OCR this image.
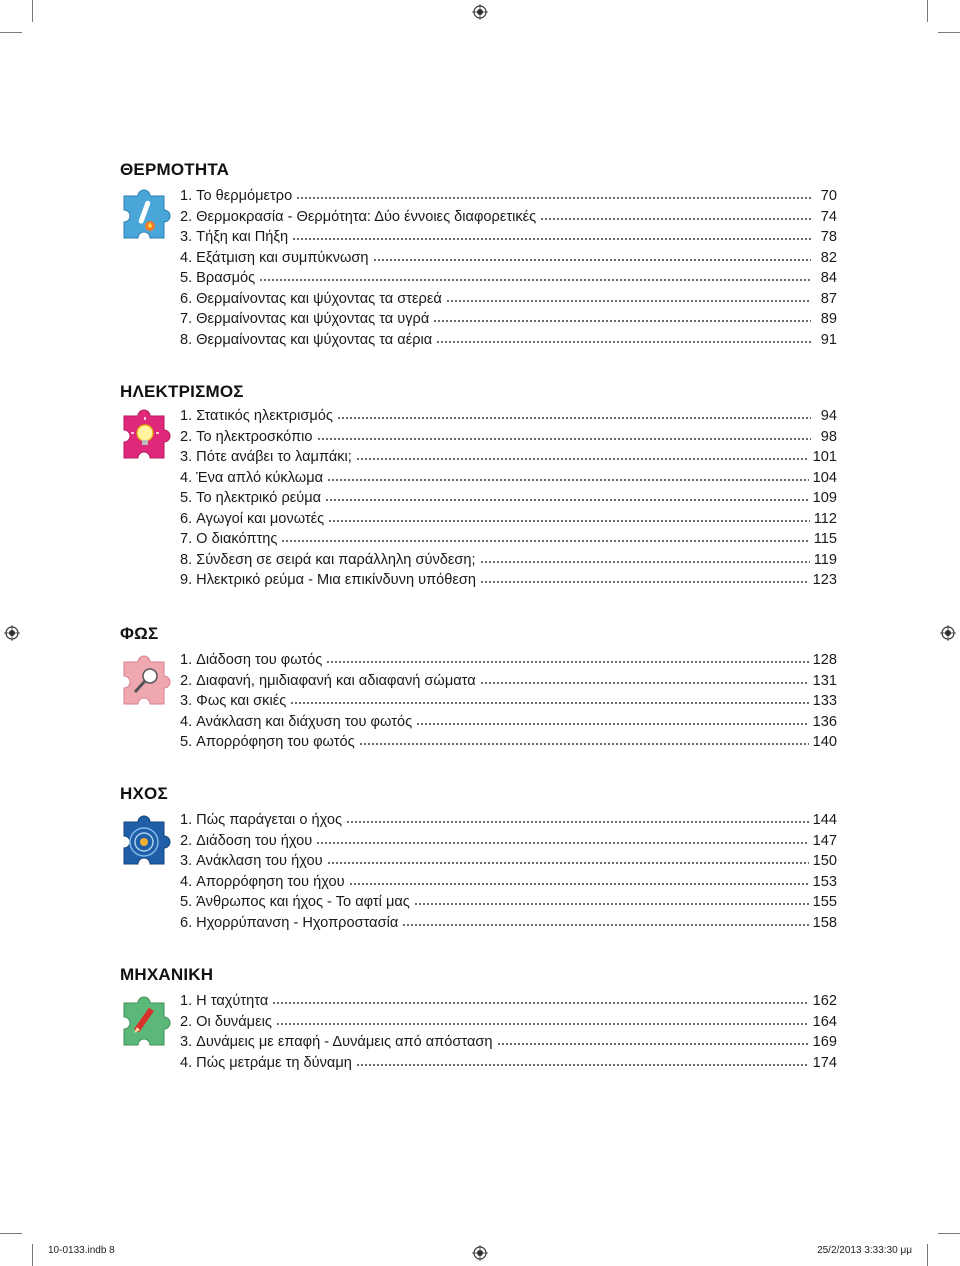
ΘΕΡΜΟΤΗΤΑ
1. Το θερμόμετρο	70
2. Θερμοκρασία - Θερμότητα: Δύο έννοιες διαφορετικές	74
3. Τήξη και Πήξη	78
4. Εξάτμιση και συμπύκνωση	82
5. Βρασμός	84
6. Θερμαίνοντας και ψύχοντας τα στερεά	87
7. Θερμαίνοντας και ψύχοντας τα υγρά	89
8. Θερμαίνοντας και ψύχοντας τα αέρια	91
ΗΛΕΚΤΡΙΣΜΟΣ
1. Στατικός ηλεκτρισμός	94
2. Το ηλεκτροσκόπιο	98
3. Πότε ανάβει το λαμπάκι;	101
4. Ένα απλό κύκλωμα	104
5. Το ηλεκτρικό ρεύμα	109
6. Αγωγοί και μονωτές	112
7. Ο διακόπτης	115
8. Σύνδεση σε σειρά και παράλληλη σύνδεση;	119
9. Ηλεκτρικό ρεύμα - Μια επικίνδυνη υπόθεση	123
ΦΩΣ
1. Διάδοση του φωτός	128
2. Διαφανή, ημιδιαφανή και αδιαφανή σώματα	131
3. Φως και σκιές	133
4. Ανάκλαση και διάχυση του φωτός	136
5. Απορρόφηση του φωτός	140
ΗΧΟΣ
1. Πώς παράγεται ο ήχος	144
2. Διάδοση του ήχου	147
3. Ανάκλαση του ήχου	150
4. Απορρόφηση του ήχου	153
5. Άνθρωπος και ήχος - Το αφτί μας	155
6. Ηχορρύπανση - Ηχοπροστασία	158
ΜΗΧΑΝΙΚΗ
1. Η ταχύτητα	162
2. Οι δυνάμεις	164
3. Δυνάμεις με επαφή - Δυνάμεις από απόσταση	169
4. Πώς μετράμε τη δύναμη	174
10-0133.indb 8	25/2/2013 3:33:30 μμ
